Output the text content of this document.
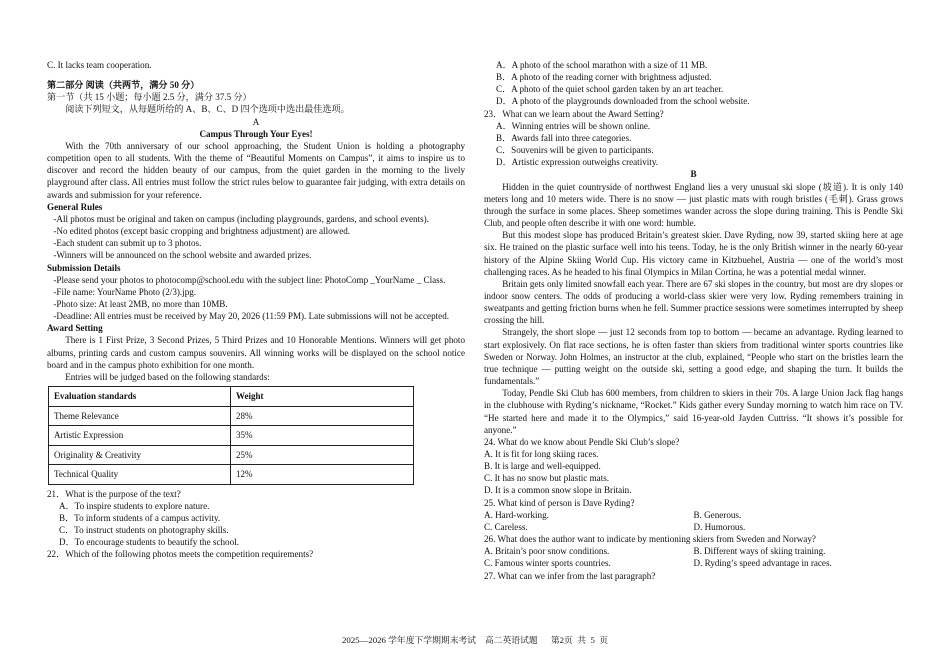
C. It lacks team cooperation.

第二部分 阅读（共两节，满分 50 分）

第一节（共 15 小题；每小题 2.5 分，满分 37.5 分）

阅读下列短文，从每题所给的 A、B、C、D 四个选项中选出最佳选项。

A

Campus Through Your Eyes!

With the 70th anniversary of our school approaching, the Student Union is holding a photography competition open to all students. With the theme of “Beautiful Moments on Campus”, it aims to inspire us to discover and record the hidden beauty of our campus, from the quiet garden in the morning to the lively playground after class. All entries must follow the strict rules below to guarantee fair judging, with extra details on awards and submission for your reference.

General Rules

-All photos must be original and taken on campus (including playgrounds, gardens, and school events).

-No edited photos (except basic cropping and brightness adjustment) are allowed.

-Each student can submit up to 3 photos.

-Winners will be announced on the school website and awarded prizes.

Submission Details

-Please send your photos to photocomp@school.edu with the subject line: PhotoComp _YourName _ Class.

-File name: YourName Photo (2/3).jpg.

-Photo size: At least 2MB, no more than 10MB.

-Deadline: All entries must be received by May 20, 2026 (11:59 PM). Late submissions will not be accepted.

Award Setting

There is 1 First Prize, 3 Second Prizes, 5 Third Prizes and 10 Honorable Mentions. Winners will get photo albums, printing cards and custom campus souvenirs. All winning works will be displayed on the school notice board and in the campus photo exhibition for one month.

Entries will be judged based on the following standards:

Evaluation standards	Weight
Theme Relevance	28%
Artistic Expression	35%
Originality & Creativity	25%
Technical Quality	12%

21．What is the purpose of the text?

A．To inspire students to explore nature.

B．To inform students of a campus activity.

C．To instruct students on photography skills.

D．To encourage students to beautify the school.

22．Which of the following photos meets the competition requirements?

A．A photo of the school marathon with a size of 11 MB.

B．A photo of the reading corner with brightness adjusted.

C．A photo of the quiet school garden taken by an art teacher.

D．A photo of the playgrounds downloaded from the school website.

23．What can we learn about the Award Setting?

A．Winning entries will be shown online.

B．Awards fall into three categories.

C．Souvenirs will be given to participants.

D．Artistic expression outweighs creativity.

B

Hidden in the quiet countryside of northwest England lies a very unusual ski slope (坡道). It is only 140 meters long and 10 meters wide. There is no snow — just plastic mats with rough bristles (毛刺). Grass grows through the surface in some places. Sheep sometimes wander across the slope during training. This is Pendle Ski Club, and people often describe it with one word: humble.

But this modest slope has produced Britain’s greatest skier. Dave Ryding, now 39, started skiing here at age six. He trained on the plastic surface well into his teens. Today, he is the only British winner in the nearly 60-year history of the Alpine Skiing World Cup. His victory came in Kitzbuehel, Austria — one of the world’s most challenging races. As he headed to his final Olympics in Milan Cortina, he was a potential medal winner.

Britain gets only limited snowfall each year. There are 67 ski slopes in the country, but most are dry slopes or indoor snow centers. The odds of producing a world-class skier were very low. Ryding remembers training in sweatpants and getting friction burns when he fell. Summer practice sessions were sometimes interrupted by sheep crossing the hill.

Strangely, the short slope — just 12 seconds from top to bottom — became an advantage. Ryding learned to start explosively. On flat race sections, he is often faster than skiers from traditional winter sports countries like Sweden or Norway. John Holmes, an instructor at the club, explained, “People who start on the bristles learn the true technique — putting weight on the outside ski, setting a good edge, and shaping the turn. It builds the fundamentals.”

Today, Pendle Ski Club has 600 members, from children to skiers in their 70s. A large Union Jack flag hangs in the clubhouse with Ryding’s nickname, “Rocket.” Kids gather every Sunday morning to watch him race on TV. “He started here and made it to the Olympics,” said 16-year-old Jayden Cuttriss. “It shows it’s possible for anyone.”

24. What do we know about Pendle Ski Club’s slope?

A. It is fit for long skiing races.

B. It is large and well-equipped.

C. It has no snow but plastic mats.

D. It is a common snow slope in Britain.

25. What kind of person is Dave Ryding?

A. Hard-working.	B. Generous.

C. Careless.	D. Humorous.

26. What does the author want to indicate by mentioning skiers from Sweden and Norway?

A. Britain’s poor snow conditions.	B. Different ways of skiing training.

C. Famous winter sports countries.	D. Ryding’s speed advantage in races.

27. What can we infer from the last paragraph?

2025—2026 学年度下学期期末考试    高二英语试题      第2页  共  5  页
